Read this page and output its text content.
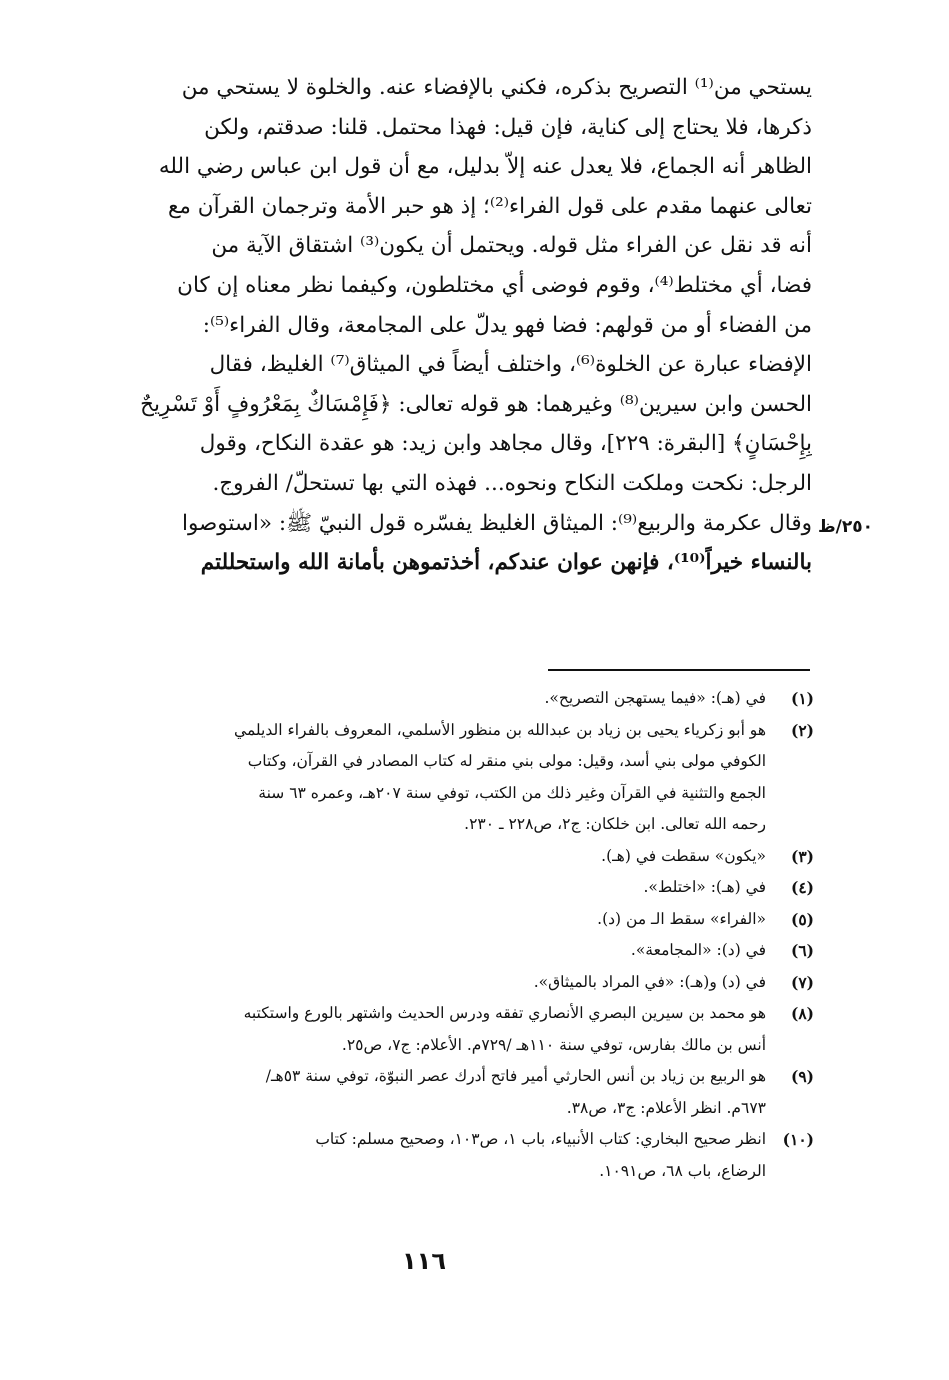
يستحي من⁽¹⁾ التصريح بذكره، فكني بالإفضاء عنه. والخلوة لا يستحي من
ذكرها، فلا يحتاج إلى كناية، فإن قيل: فهذا محتمل. قلنا: صدقتم، ولكن
الظاهر أنه الجماع، فلا يعدل عنه إلاّ بدليل، مع أن قول ابن عباس رضي الله
تعالى عنهما مقدم على قول الفراء⁽²⁾؛ إذ هو حبر الأمة وترجمان القرآن مع
أنه قد نقل عن الفراء مثل قوله. ويحتمل أن يكون⁽³⁾ اشتقاق الآية من
فضا، أي مختلط⁽⁴⁾، وقوم فوضى أي مختلطون، وكيفما نظر معناه إن كان
من الفضاء أو من قولهم: فضا فهو يدلّ على المجامعة، وقال الفراء⁽⁵⁾:
الإفضاء عبارة عن الخلوة⁽⁶⁾، واختلف أيضاً في الميثاق⁽⁷⁾ الغليظ، فقال
الحسن وابن سيرين⁽⁸⁾ وغيرهما: هو قوله تعالى: ﴿فَإِمْسَاكٌ بِمَعْرُوفٍ أَوْ تَسْرِيحٌ
بِإِحْسَانٍ﴾ [البقرة: ٢٢٩]، وقال مجاهد وابن زيد: هو عقدة النكاح، وقول
الرجل: نكحت وملكت النكاح ونحوه... فهذه التي بها تستحلّ/ الفروج.
وقال عكرمة والربيع⁽⁹⁾: الميثاق الغليظ يفسّره قول النبيّ ﷺ: «استوصوا
بالنساء خيراً⁽¹⁰⁾، فإنهن عوان عندكم، أخذتموهن بأمانة الله واستحللتم
٢٥٠/ظ
(١)
في (هـ): «فيما يستهجن التصريح».
(٢)
هو أبو زكرياء يحيى بن زياد بن عبدالله بن منظور الأسلمي، المعروف بالفراء الديلمي
الكوفي مولى بني أسد، وقيل: مولى بني منقر له كتاب المصادر في القرآن، وكتاب
الجمع والتثنية في القرآن وغير ذلك من الكتب، توفي سنة ٢٠٧هـ، وعمره ٦٣ سنة
رحمه الله تعالى. ابن خلكان: ج٢، ص٢٢٨ ـ ٢٣٠.
(٣)
«يكون» سقطت في (هـ).
(٤)
في (هـ): «اختلط».
(٥)
«الفراء» سقط الـ من (د).
(٦)
في (د): «المجامعة».
(٧)
في (د) و(هـ): «في المراد بالميثاق».
(٨)
هو محمد بن سيرين البصري الأنصاري تفقه ودرس الحديث واشتهر بالورع واستكتبه
أنس بن مالك بفارس، توفي سنة ١١٠هـ /٧٢٩م. الأعلام: ج٧، ص٢٥.
(٩)
هو الربيع بن زياد بن أنس الحارثي أمير فاتح أدرك عصر النبوّة، توفي سنة ٥٣هـ/
٦٧٣م. انظر الأعلام: ج٣، ص٣٨.
(١٠)
انظر صحيح البخاري: كتاب الأنبياء، باب ١، ص١٠٣، وصحيح مسلم: كتاب
الرضاع، باب ٦٨، ص١٠٩١.
١١٦
